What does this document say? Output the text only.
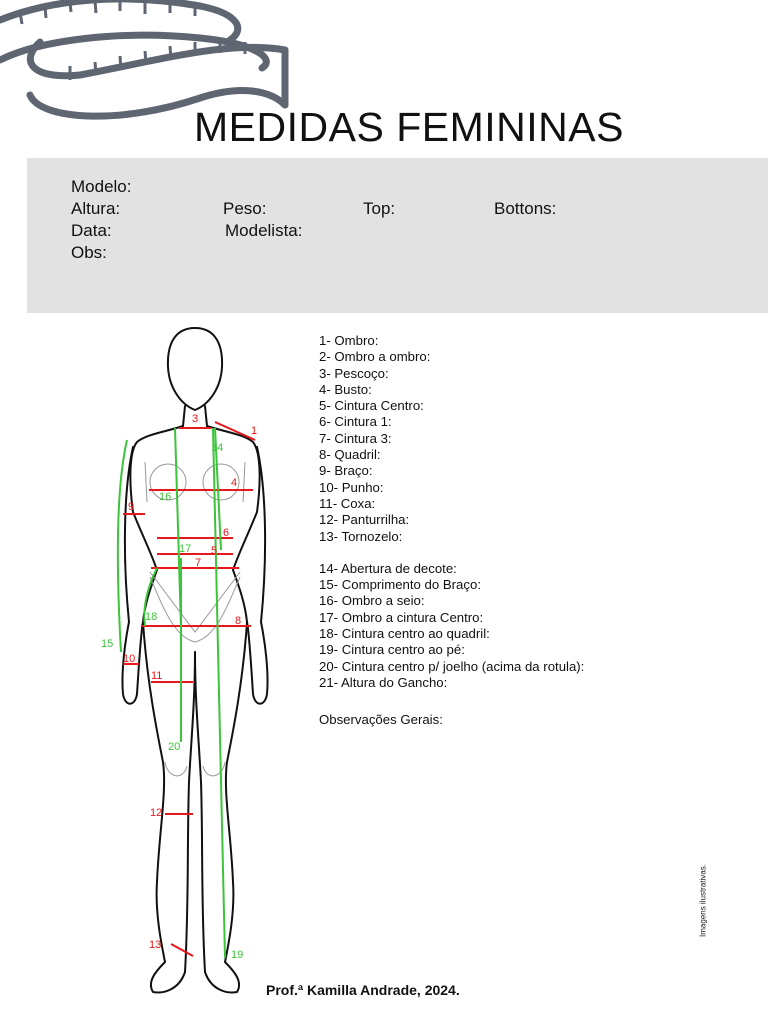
MEDIDAS FEMININAS
Modelo:
Altura:	Peso:	Top:	Bottons:
Data:	Modelista:
Obs:
3
1
4
5
6
7
8
9
10
11
12
13
14
15
16
17
18
19
20
1- Ombro:
2- Ombro a ombro:
3- Pescoço:
4- Busto:
5- Cintura Centro:
6- Cintura 1:
7- Cintura 3:
8- Quadril:
9- Braço:
10- Punho:
11- Coxa:
12- Panturrilha:
13- Tornozelo:
14- Abertura de decote:
15- Comprimento do Braço:
16- Ombro a seio:
17- Ombro a cintura Centro:
18- Cintura centro ao quadril:
19- Cintura centro ao pé:
20- Cintura centro p/ joelho (acima da rotula):
21- Altura do Gancho:
Observações Gerais:
Imagens ilustrativas.
Prof.ª Kamilla Andrade, 2024.
